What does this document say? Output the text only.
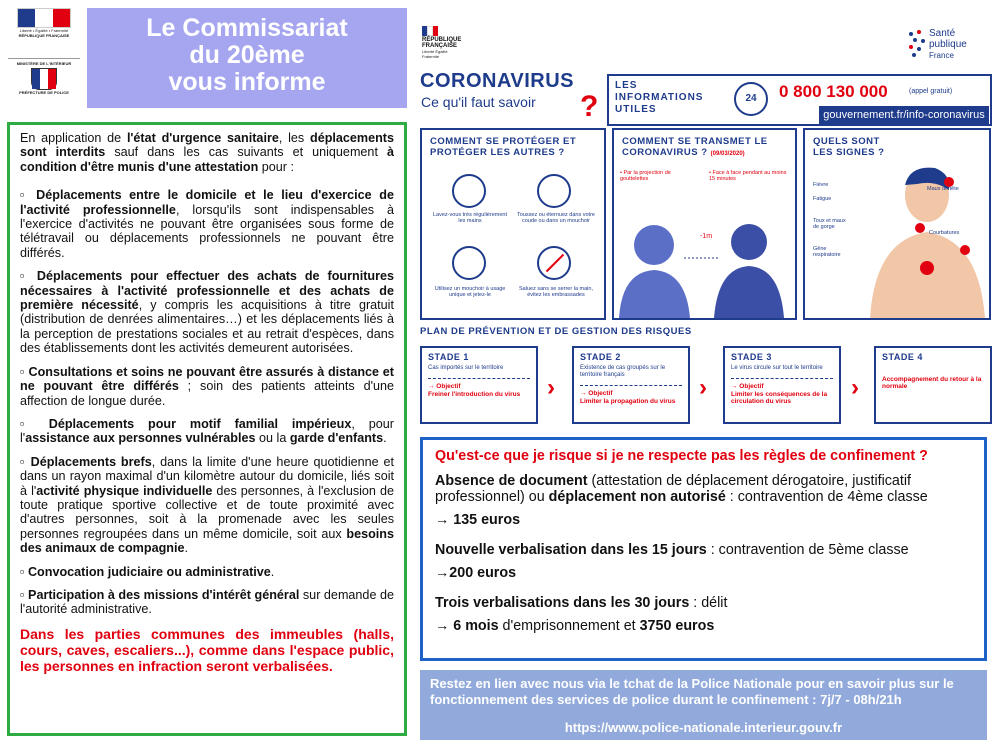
Liberté • Égalité • Fraternité
RÉPUBLIQUE FRANÇAISE
MINISTÈRE DE L'INTÉRIEUR
PRÉFECTURE DE POLICE
Le Commissariat
du 20ème
vous informe

En application de l'état d'urgence sanitaire, les déplacements sont interdits sauf dans les cas suivants et uniquement à condition d'être munis d'une attestation pour :

▫ Déplacements entre le domicile et le lieu d'exercice de l'activité professionnelle, lorsqu'ils sont indispensables à l'exercice d'activités ne pouvant être organisées sous forme de télétravail ou déplacements professionnels ne pouvant être différés.

▫ Déplacements pour effectuer des achats de fournitures nécessaires à l'activité professionnelle et des achats de première nécessité, y compris les acquisitions à titre gratuit (distribution de denrées alimentaires…) et les déplacements liés à la perception de prestations sociales et au retrait d'espèces, dans des établissements dont les activités demeurent autorisées.

▫ Consultations et soins ne pouvant être assurés à distance et ne pouvant être différés ; soin des patients atteints d'une affection de longue durée.

▫ Déplacements pour motif familial impérieux, pour l'assistance aux personnes vulnérables ou la garde d'enfants.

▫ Déplacements brefs, dans la limite d'une heure quotidienne et dans un rayon maximal d'un kilomètre autour du domicile, liés soit à l'activité physique individuelle des personnes, à l'exclusion de toute pratique sportive collective et de toute proximité avec d'autres personnes, soit à la promenade avec les seules personnes regroupées dans un même domicile, soit aux besoins des animaux de compagnie.

▫ Convocation judiciaire ou administrative.

▫ Participation à des missions d'intérêt général sur demande de l'autorité administrative.

Dans les parties communes des immeubles (halls, cours, caves, escaliers...), comme dans l'espace public, les personnes en infraction seront verbalisées.

RÉPUBLIQUE FRANÇAISE
Liberté Égalité Fraternité
Santé
publique
France
CORONAVIRUS
Ce qu'il faut savoir ?
LES INFORMATIONS UTILES
24	0 800 130 000	(appel gratuit)
gouvernement.fr/info-coronavirus
COMMENT SE PROTÉGER ET PROTÉGER LES AUTRES ?
Lavez-vous très régulièrement les mains
Toussez ou éternuez dans votre coude ou dans un mouchoir
Utilisez un mouchoir à usage unique et jetez-le
Saluez sans se serrer la main, évitez les embrassades
COMMENT SE TRANSMET LE CORONAVIRUS ? (09/03/2020)
• Par la projection de gouttelettes
• Face à face pendant au moins 15 minutes
-1m
QUELS SONT LES SIGNES ?
Fièvre
Fatigue
Toux et maux de gorge
Gêne respiratoire
Maux de tête
Courbatures
PLAN DE PRÉVENTION ET DE GESTION DES RISQUES
STADE 1
Cas importés sur le territoire
→ Objectif
Freiner l'introduction du virus	›
STADE 2
Existence de cas groupés sur le territoire français
→ Objectif
Limiter la propagation du virus
›
STADE 3
Le virus circule sur tout le territoire
→ Objectif
Limiter les conséquences de la circulation du virus
›
STADE 4
Accompagnement du retour à la normale
Qu'est-ce que je risque si je ne respecte pas les règles de confinement ?

Absence de document (attestation de déplacement dérogatoire, justificatif professionnel) ou déplacement non autorisé : contravention de 4ème classe

→ 135 euros

Nouvelle verbalisation dans les 15 jours : contravention de 5ème classe

→200 euros

Trois verbalisations dans les 30 jours : délit

→ 6 mois d'emprisonnement et 3750 euros

Restez en lien avec nous via le tchat de la Police Nationale pour en savoir plus sur le fonctionnement des services de police durant le confinement : 7j/7 - 08h/21h
https://www.police-nationale.interieur.gouv.fr
